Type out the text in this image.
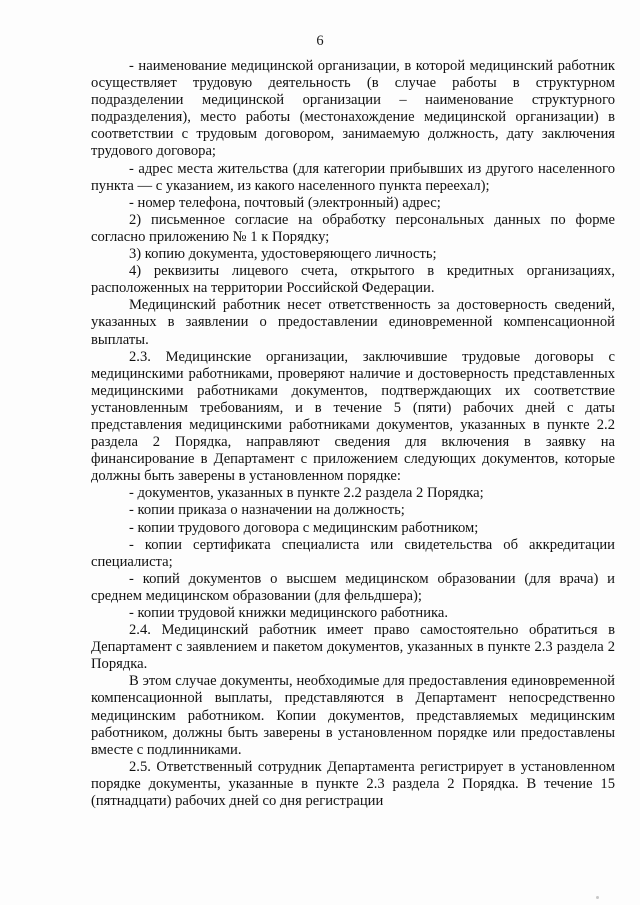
6

- наименование медицинской организации, в которой медицинский работник осуществляет трудовую деятельность (в случае работы в структурном подразделении медицинской организации – наименование структурного подразделения), место работы (местонахождение медицинской организации) в соответствии с трудовым договором, занимаемую должность, дату заключения трудового договора;

- адрес места жительства (для категории прибывших из другого населенного пункта — с указанием, из какого населенного пункта переехал);

- номер телефона, почтовый (электронный) адрес;

2) письменное согласие на обработку персональных данных по форме согласно приложению № 1 к Порядку;

3) копию документа, удостоверяющего личность;

4) реквизиты лицевого счета, открытого в кредитных организациях, расположенных на территории Российской Федерации.

Медицинский работник несет ответственность за достоверность сведений, указанных в заявлении о предоставлении единовременной компенсационной выплаты.

2.3. Медицинские организации, заключившие трудовые договоры с медицинскими работниками, проверяют наличие и достоверность представленных медицинскими работниками документов, подтверждающих их соответствие установленным требованиям, и в течение 5 (пяти) рабочих дней с даты представления медицинскими работниками документов, указанных в пункте 2.2 раздела 2 Порядка, направляют сведения для включения в заявку на финансирование в Департамент с приложением следующих документов, которые должны быть заверены в установленном порядке:

- документов, указанных в пункте 2.2 раздела 2 Порядка;

- копии приказа о назначении на должность;

- копии трудового договора с медицинским работником;

- копии сертификата специалиста или свидетельства об аккредитации специалиста;

- копий документов о высшем медицинском образовании (для врача) и среднем медицинском образовании (для фельдшера);

- копии трудовой книжки медицинского работника.

2.4. Медицинский работник имеет право самостоятельно обратиться в Департамент с заявлением и пакетом документов, указанных в пункте 2.3 раздела 2 Порядка.

В этом случае документы, необходимые для предоставления единовременной компенсационной выплаты, представляются в Департамент непосредственно медицинским работником. Копии документов, представляемых медицинским работником, должны быть заверены в установленном порядке или предоставлены вместе с подлинниками.

2.5. Ответственный сотрудник Департамента регистрирует в установленном порядке документы, указанные в пункте 2.3 раздела 2 Порядка. В течение 15 (пятнадцати) рабочих дней со дня регистрации
